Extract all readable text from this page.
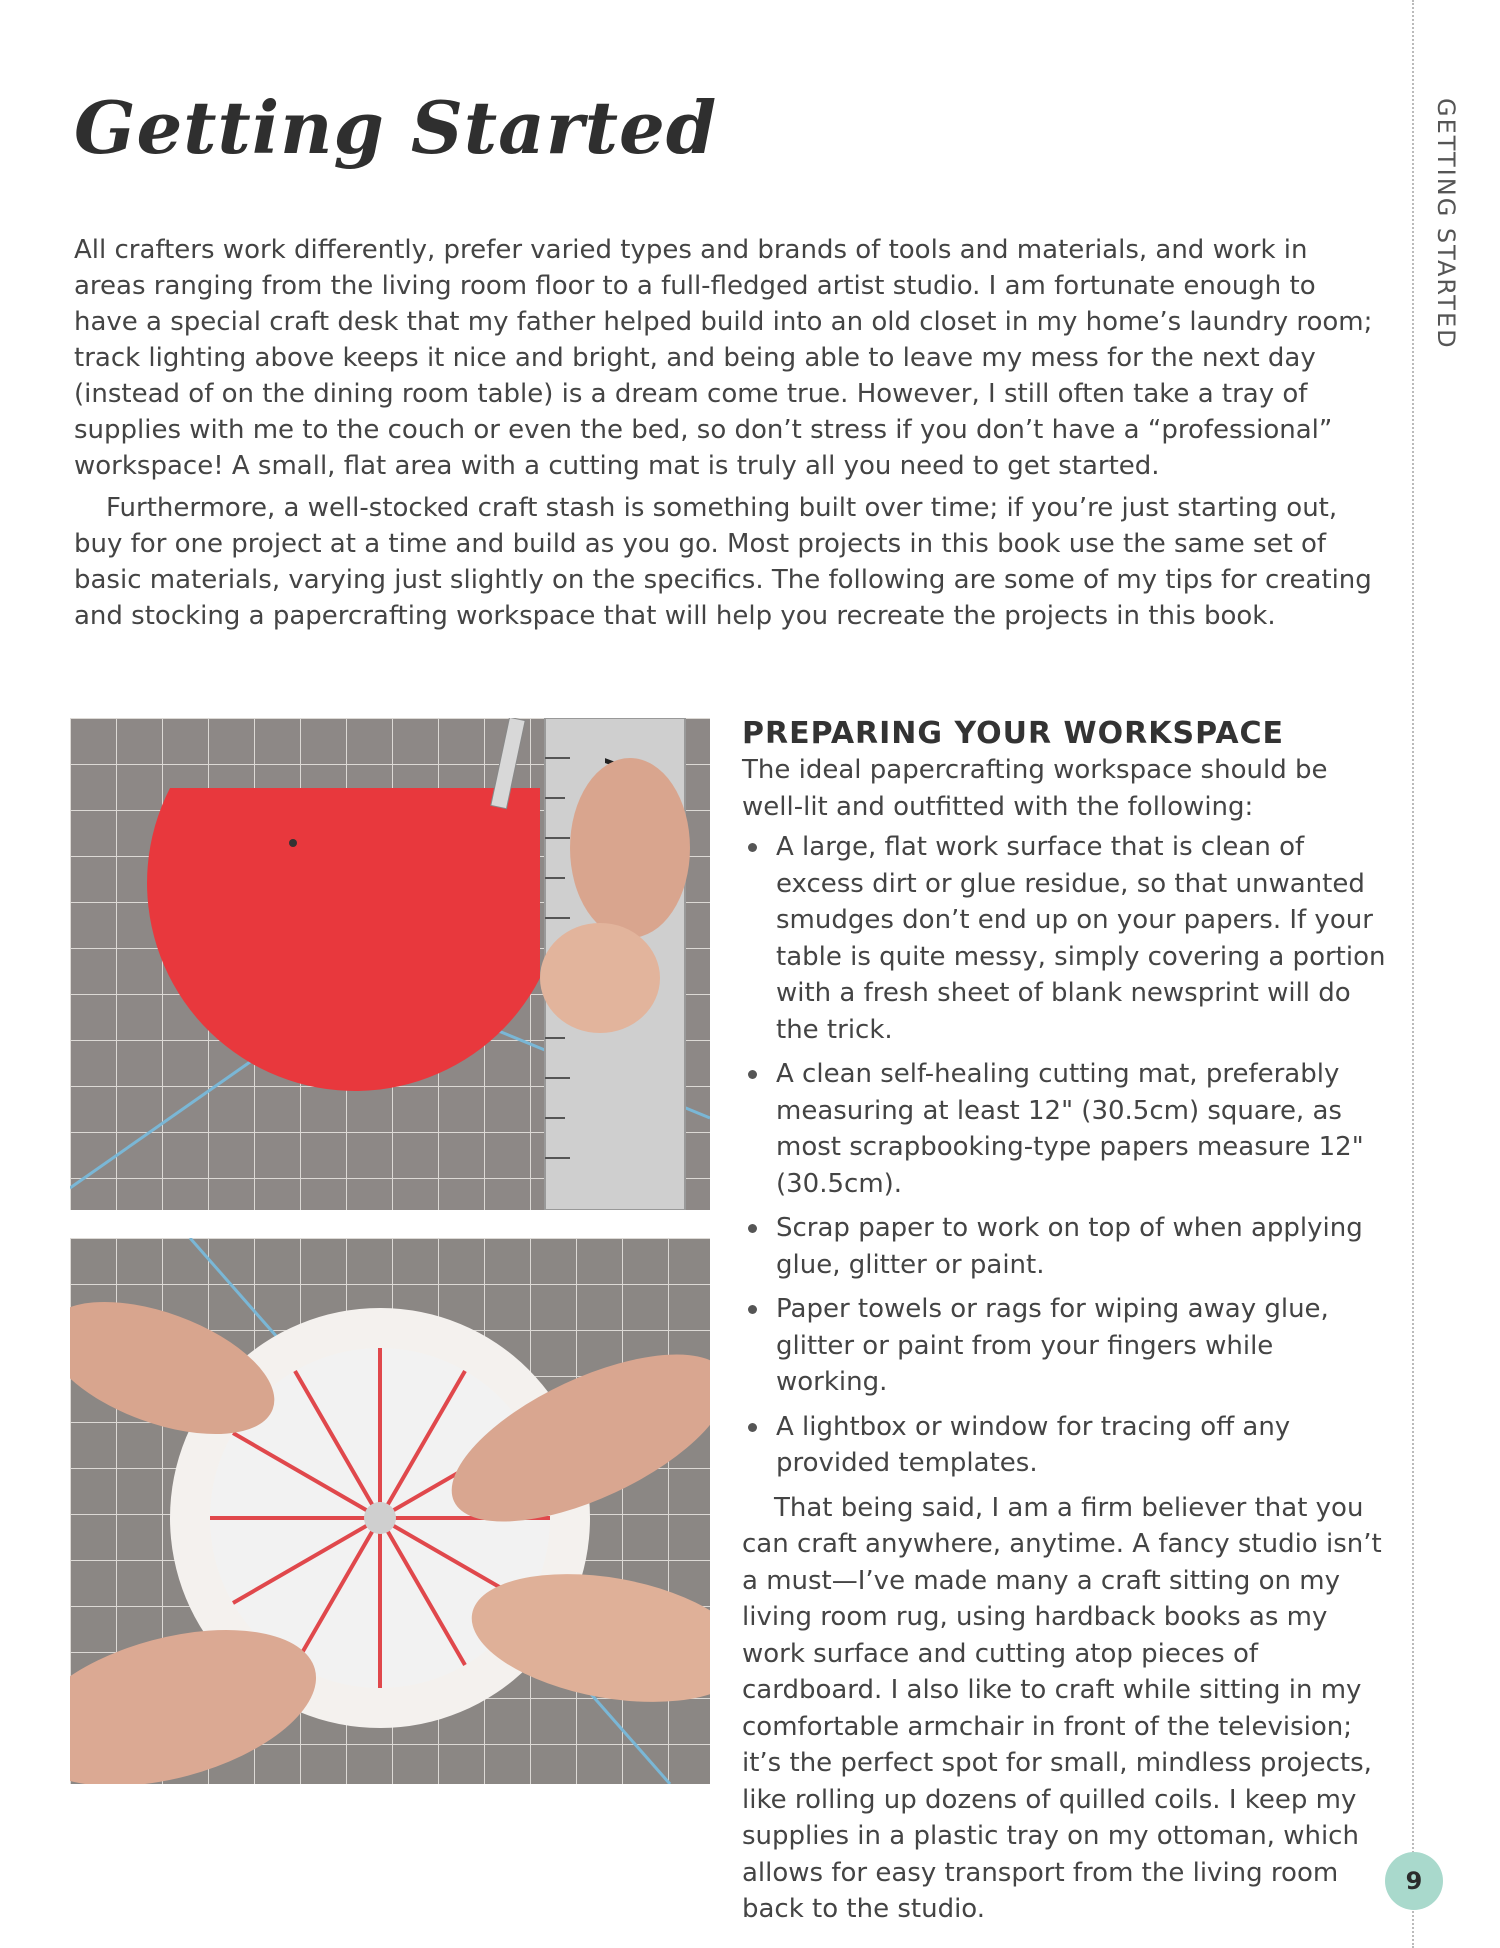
Getting Started	GETTING STARTED

All crafters work differently, prefer varied types and brands of tools and materials, and work in areas ranging from the living room floor to a full-fledged artist studio. I am fortunate enough to have a special craft desk that my father helped build into an old closet in my home’s laundry room; track lighting above keeps it nice and bright, and being able to leave my mess for the next day (instead of on the dining room table) is a dream come true. However, I still often take a tray of supplies with me to the couch or even the bed, so don’t stress if you don’t have a “professional” workspace! A small, flat area with a cutting mat is truly all you need to get started.

Furthermore, a well-stocked craft stash is something built over time; if you’re just starting out, buy for one project at a time and build as you go. Most projects in this book use the same set of basic materials, varying just slightly on the specifics. The following are some of my tips for creating and stocking a papercrafting workspace that will help you recreate the projects in this book.

PREPARING YOUR WORKSPACE

The ideal papercrafting workspace should be well-lit and outfitted with the following:

A large, flat work surface that is clean of excess dirt or glue residue, so that unwanted smudges don’t end up on your papers. If your table is quite messy, simply covering a portion with a fresh sheet of blank newsprint will do the trick.
A clean self-healing cutting mat, preferably measuring at least 12" (30.5cm) square, as most scrapbooking-type papers measure 12" (30.5cm).
Scrap paper to work on top of when applying glue, glitter or paint.
Paper towels or rags for wiping away glue, glitter or paint from your fingers while working.
A lightbox or window for tracing off any provided templates.

That being said, I am a firm believer that you can craft anywhere, anytime. A fancy studio isn’t a must—I’ve made many a craft sitting on my living room rug, using hardback books as my work surface and cutting atop pieces of cardboard. I also like to craft while sitting in my comfortable armchair in front of the television; it’s the perfect spot for small, mindless projects, like rolling up dozens of quilled coils. I keep my supplies in a plastic tray on my ottoman, which allows for easy transport from the living room back to the studio.

9
